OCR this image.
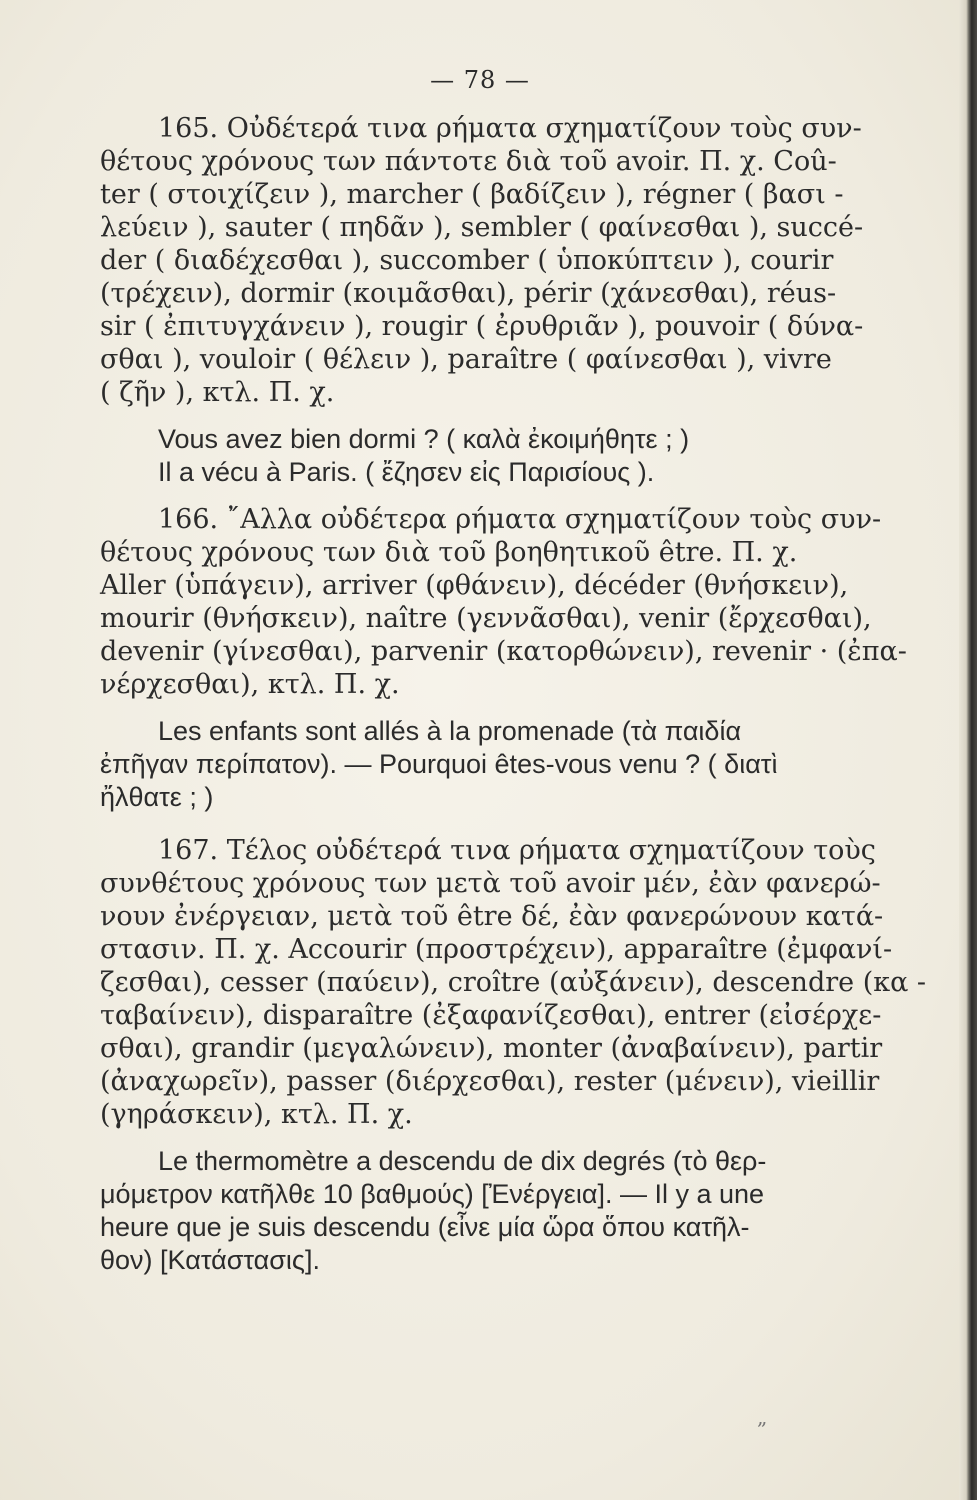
— 78 —
165. Οὐδέτερά τινα ρήματα σχηματίζουν τοὺς συν-
θέτους χρόνους των πάντοτε διὰ τοῦ avoir. Π. χ. Coû-
ter ( στοιχίζειν ), marcher ( βαδίζειν ), régner ( βασι -
λεύειν ), sauter ( πηδᾶν ), sembler ( φαίνεσθαι ), succé-
der ( διαδέχεσθαι ), succomber ( ὑποκύπτειν ), courir
(τρέχειν), dormir (κοιμᾶσθαι), périr (χάνεσθαι), réus-
sir ( ἐπιτυγχάνειν ), rougir ( ἐρυθριᾶν ), pouvoir ( δύνα-
σθαι ), vouloir ( θέλειν ), paraître ( φαίνεσθαι ), vivre
( ζῆν ), κτλ. Π. χ.
Vous avez bien dormi ? ( καλὰ ἐκοιμήθητε ; )
Il a vécu à Paris. ( ἔζησεν εἰς Παρισίους ).
166. ῎Αλλα οὐδέτερα ρήματα σχηματίζουν τοὺς συν-
θέτους χρόνους των διὰ τοῦ βοηθητικοῦ être. Π. χ.
Aller (ὑπάγειν), arriver (φθάνειν), décéder (θνήσκειν),
mourir (θνήσκειν), naître (γεννᾶσθαι), venir (ἔρχεσθαι),
devenir (γίνεσθαι), parvenir (κατορθώνειν), revenir · (ἐπα-
νέρχεσθαι), κτλ. Π. χ.
Les enfants sont allés à la promenade (τὰ παιδία
ἐπῆγαν περίπατον). — Pourquoi êtes-vous venu ? ( διατὶ
ἤλθατε ; )
167. Τέλος οὐδέτερά τινα ρήματα σχηματίζουν τοὺς
συνθέτους χρόνους των μετὰ τοῦ avoir μέν, ἐὰν φανερώ-
νουν ἐνέργειαν, μετὰ τοῦ être δέ, ἐὰν φανερώνουν κατά-
στασιν. Π. χ. Accourir (προστρέχειν), apparaître (ἐμφανί-
ζεσθαι), cesser (παύειν), croître (αὐξάνειν), descendre (κα -
ταβαίνειν), disparaître (ἐξαφανίζεσθαι), entrer (εἰσέρχε-
σθαι), grandir (μεγαλώνειν), monter (ἀναβαίνειν), partir
(ἀναχωρεῖν), passer (διέρχεσθαι), rester (μένειν), vieillir
(γηράσκειν), κτλ. Π. χ.
Le thermomètre a descendu de dix degrés (τὸ θερ-
μόμετρον κατῆλθε 10 βαθμούς) [Ἐνέργεια]. — Il y a une
heure que je suis descendu (εἶνε μία ὥρα ὅπου κατῆλ-
θον) [Κατάστασις].
„
